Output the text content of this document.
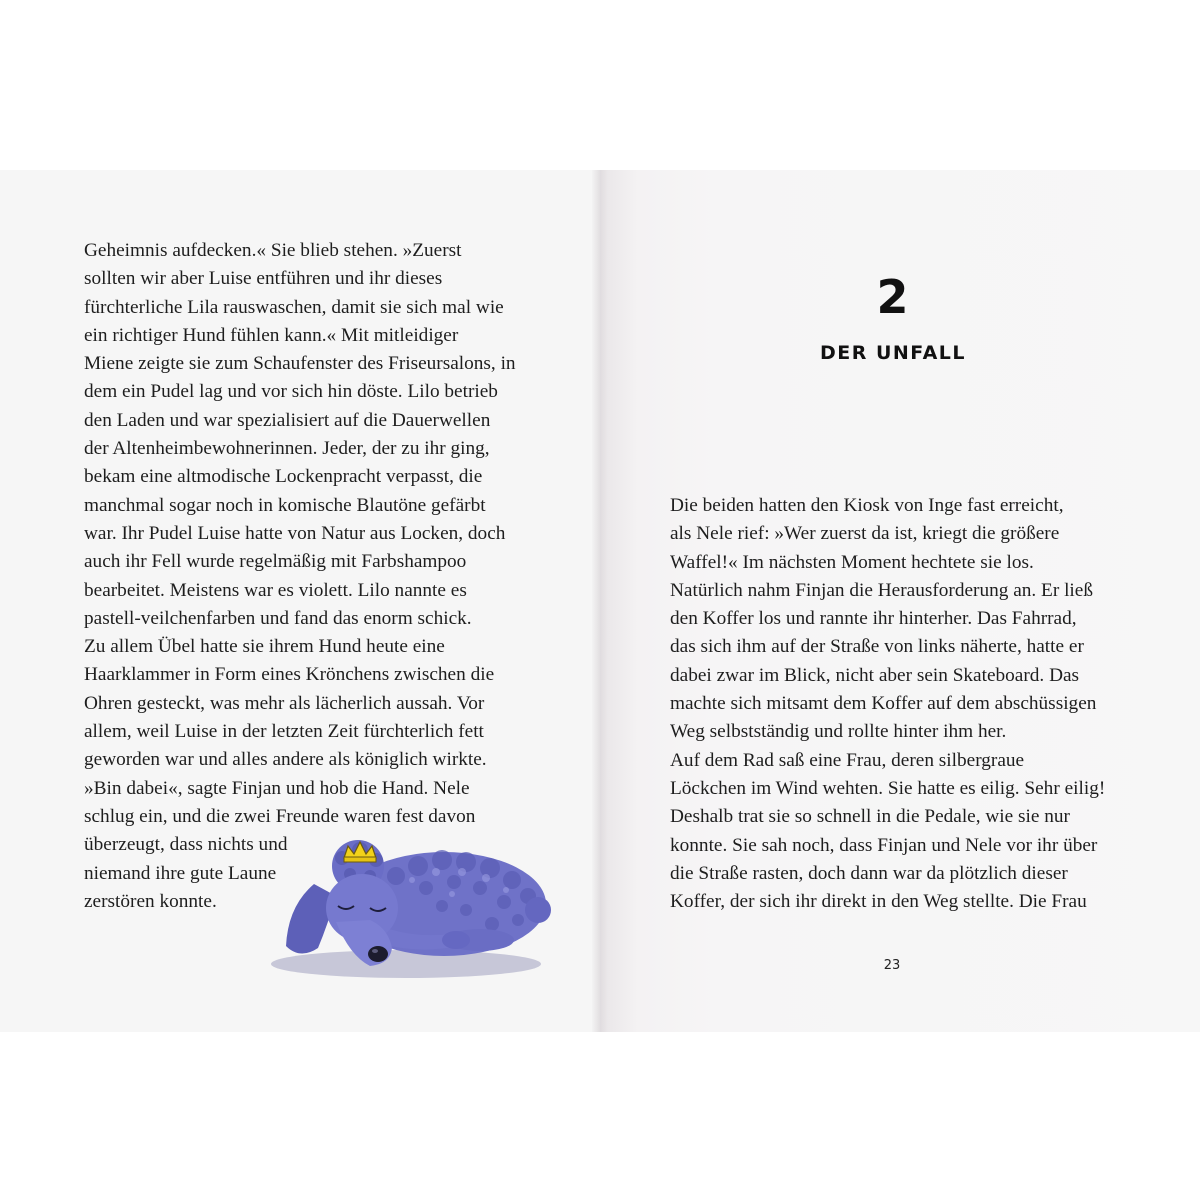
Geheimnis aufdecken.« Sie blieb stehen. »Zuerst
sollten wir aber Luise entführen und ihr dieses
fürchterliche Lila rauswaschen, damit sie sich mal wie
ein richtiger Hund fühlen kann.« Mit mitleidiger
Miene zeigte sie zum Schaufenster des Friseursalons, in
dem ein Pudel lag und vor sich hin döste. Lilo betrieb
den Laden und war spezialisiert auf die Dauerwellen
der Altenheimbewohnerinnen. Jeder, der zu ihr ging,
bekam eine altmodische Lockenpracht verpasst, die
manchmal sogar noch in komische Blautöne gefärbt
war. Ihr Pudel Luise hatte von Natur aus Locken, doch
auch ihr Fell wurde regelmäßig mit Farbshampoo
bearbeitet. Meistens war es violett. Lilo nannte es
pastell-veilchenfarben und fand das enorm schick.
Zu allem Übel hatte sie ihrem Hund heute eine
Haarklammer in Form eines Krönchens zwischen die
Ohren gesteckt, was mehr als lächerlich aussah. Vor
allem, weil Luise in der letzten Zeit fürchterlich fett
geworden war und alles andere als königlich wirkte.
»Bin dabei«, sagte Finjan und hob die Hand. Nele
schlug ein, und die zwei Freunde waren fest davon
überzeugt, dass nichts und
niemand ihre gute Laune
zerstören konnte.
2
DER UNFALL
Die beiden hatten den Kiosk von Inge fast erreicht,
als Nele rief: »Wer zuerst da ist, kriegt die größere
Waffel!« Im nächsten Moment hechtete sie los.
Natürlich nahm Finjan die Herausforderung an. Er ließ
den Koffer los und rannte ihr hinterher. Das Fahrrad,
das sich ihm auf der Straße von links näherte, hatte er
dabei zwar im Blick, nicht aber sein Skateboard. Das
machte sich mitsamt dem Koffer auf dem abschüssigen
Weg selbstständig und rollte hinter ihm her.
Auf dem Rad saß eine Frau, deren silbergraue
Löckchen im Wind wehten. Sie hatte es eilig. Sehr eilig!
Deshalb trat sie so schnell in die Pedale, wie sie nur
konnte. Sie sah noch, dass Finjan und Nele vor ihr über
die Straße rasten, doch dann war da plötzlich dieser
Koffer, der sich ihr direkt in den Weg stellte. Die Frau
23
